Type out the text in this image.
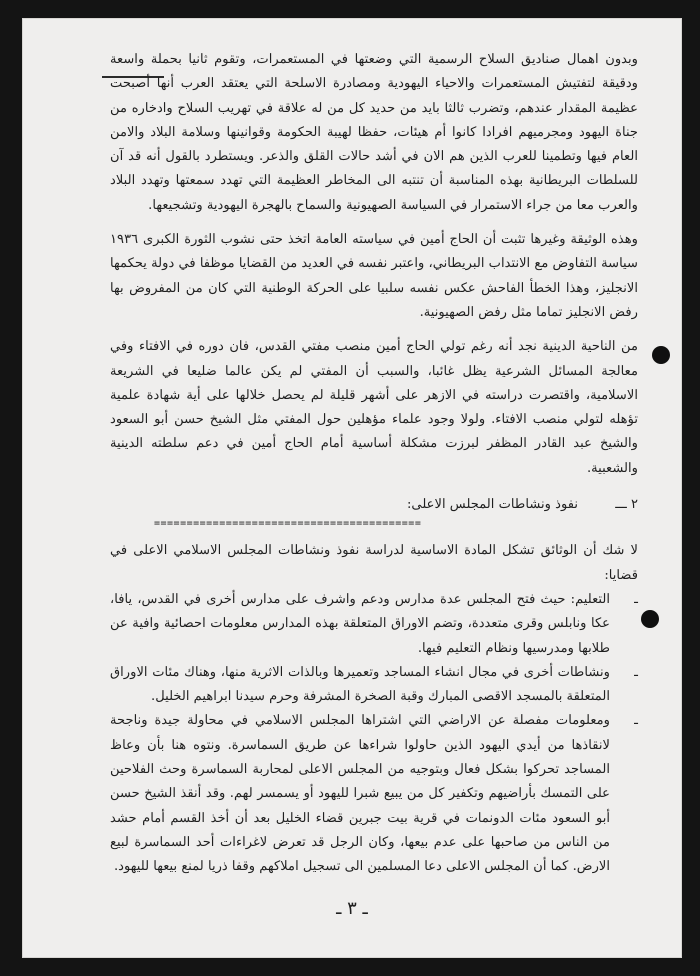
وبدون اهمال صناديق السلاح الرسمية التي وضعتها في المستعمرات، وتقوم ثانيا بحملة واسعة ودقيقة لتفتيش المستعمرات والاحياء اليهودية ومصادرة الاسلحة التي يعتقد العرب أنها أصبحت عظيمة المقدار عندهم، وتضرب ثالثا بايد من حديد كل من له علاقة في تهريب السلاح وادخاره من جناة اليهود ومجرميهم افرادا كانوا أم هيئات، حفظا لهيبة الحكومة وقوانينها وسلامة البلاد والامن العام فيها وتطمينا للعرب الذين هم الان في أشد حالات القلق والذعر. ويستطرد بالقول أنه قد آن للسلطات البريطانية بهذه المناسبة أن تنتبه الى المخاطر العظيمة التي تهدد سمعتها وتهدد البلاد والعرب معا من جراء الاستمرار في السياسة الصهيونية والسماح بالهجرة اليهودية وتشجيعها.

وهذه الوثيقة وغيرها تثبت أن الحاج أمين في سياسته العامة اتخذ حتى نشوب الثورة الكبرى ١٩٣٦ سياسة التفاوض مع الانتداب البريطاني، واعتبر نفسه في العديد من القضايا موظفا في دولة يحكمها الانجليز، وهذا الخطأ الفاحش عكس نفسه سلبيا على الحركة الوطنية التي كان من المفروض بها رفض الانجليز تماما مثل رفض الصهيونية.

من الناحية الدينية نجد أنه رغم تولي الحاج أمين منصب مفتي القدس، فان دوره في الافتاء وفي معالجة المسائل الشرعية يظل غائبا، والسبب أن المفتي لم يكن عالما ضليعا في الشريعة الاسلامية، واقتصرت دراسته في الازهر على أشهر قليلة لم يحصل خلالها على أية شهادة علمية تؤهله لتولي منصب الافتاء. ولولا وجود علماء مؤهلين حول المفتي مثل الشيخ حسن أبو السعود والشيخ عبد القادر المظفر لبرزت مشكلة أساسية أمام الحاج أمين في دعم سلطته الدينية والشعبية.

٢ ـــ
نفوذ ونشاطات المجلس الاعلى:
=========================================

لا شك أن الوثائق تشكل المادة الاساسية لدراسة نفوذ ونشاطات المجلس الاسلامي الاعلى في قضايا:

ـ
التعليم: حيث فتح المجلس عدة مدارس ودعم واشرف على مدارس أخرى في القدس، يافا، عكا ونابلس وقرى متعددة، وتضم الاوراق المتعلقة بهذه المدارس معلومات احصائية وافية عن طلابها ومدرسيها ونظام التعليم فيها.
ـ
ونشاطات أخرى في مجال انشاء المساجد وتعميرها وبالذات الاثرية منها، وهناك مئات الاوراق المتعلقة بالمسجد الاقصى المبارك وقبة الصخرة المشرفة وحرم سيدنا ابراهيم الخليل.
ـ
ومعلومات مفصلة عن الاراضي التي اشتراها المجلس الاسلامي في محاولة جيدة وناجحة لانقاذها من أيدي اليهود الذين حاولوا شراءها عن طريق السماسرة. ونتوه هنا بأن وعاظ المساجد تحركوا بشكل فعال وبتوجيه من المجلس الاعلى لمحاربة السماسرة وحث الفلاحين على التمسك بأراضيهم وتكفير كل من يبيع شبرا لليهود أو يسمسر لهم. وقد أنقذ الشيخ حسن أبو السعود مئات الدونمات في قرية بيت جبرين قضاء الخليل بعد أن أخذ القسم أمام حشد من الناس من صاحبها على عدم بيعها، وكان الرجل قد تعرض لاغراءات أحد السماسرة لبيع الارض. كما أن المجلس الاعلى دعا المسلمين الى تسجيل املاكهم وقفا ذريا لمنع بيعها لليهود.
ـ ٣ ـ
